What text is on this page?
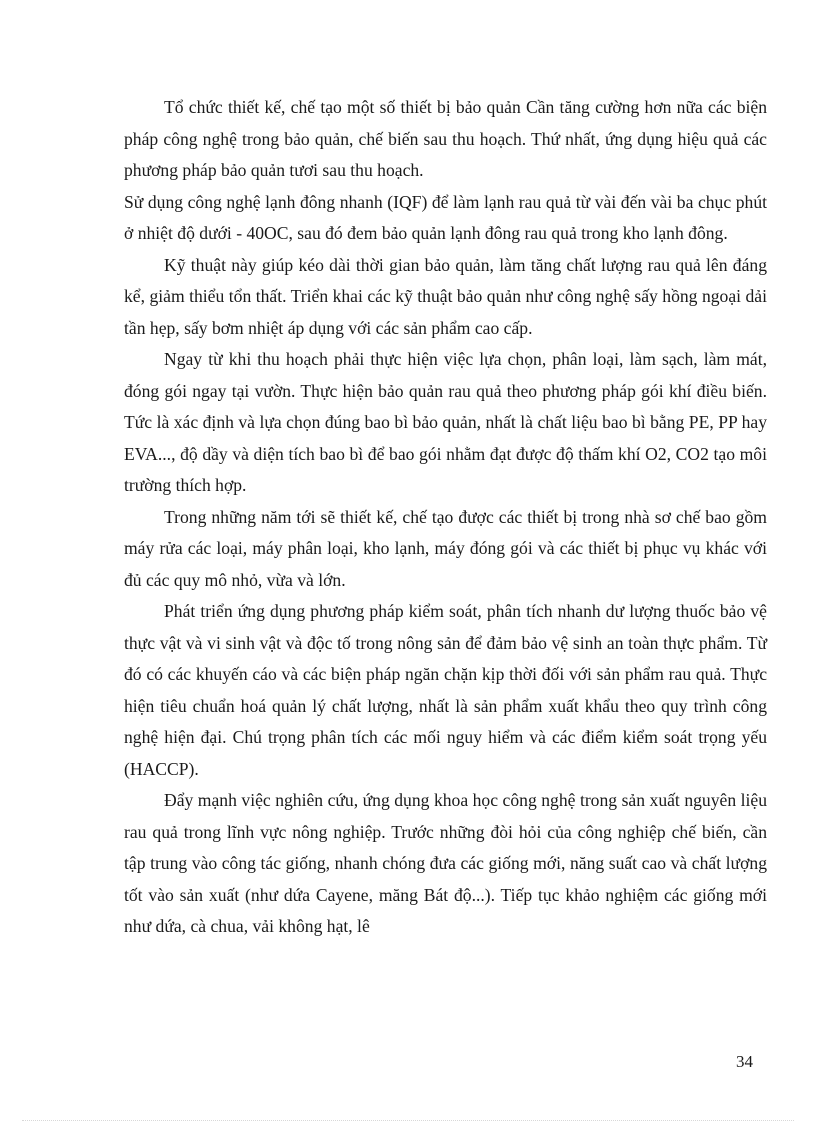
Tổ chức thiết kế, chế tạo một số thiết bị bảo quản Cần tăng cường hơn nữa các biện pháp công nghệ trong bảo quản, chế biến sau thu hoạch. Thứ nhất, ứng dụng hiệu quả các phương pháp bảo quản tươi sau thu hoạch.

Sử dụng công nghệ lạnh đông nhanh (IQF) để làm lạnh rau quả từ vài đến vài ba chục phút ở nhiệt độ dưới - 40OC, sau đó đem bảo quản lạnh đông rau quả trong kho lạnh đông.

Kỹ thuật này giúp kéo dài thời gian bảo quản, làm tăng chất lượng rau quả lên đáng kể, giảm thiểu tổn thất. Triển khai các kỹ thuật bảo quản như công nghệ sấy hồng ngoại dải tần hẹp, sấy bơm nhiệt áp dụng với các sản phẩm cao cấp.

Ngay từ khi thu hoạch phải thực hiện việc lựa chọn, phân loại, làm sạch, làm mát, đóng gói ngay tại vườn. Thực hiện bảo quản rau quả theo phương pháp gói khí điều biến. Tức là xác định và lựa chọn đúng bao bì bảo quản, nhất là chất liệu bao bì bằng PE, PP hay EVA..., độ dầy và diện tích bao bì để bao gói nhằm đạt được độ thấm khí O2, CO2 tạo môi trường thích hợp.

Trong những năm tới sẽ thiết kế, chế tạo được các thiết bị trong nhà sơ chế bao gồm máy rửa các loại, máy phân loại, kho lạnh, máy đóng gói và các thiết bị phục vụ khác với đủ các quy mô nhỏ, vừa và lớn.

Phát triển ứng dụng phương pháp kiểm soát, phân tích nhanh dư lượng thuốc bảo vệ thực vật và vi sinh vật và độc tố trong nông sản để đảm bảo vệ sinh an toàn thực phẩm. Từ đó có các khuyến cáo và các biện pháp ngăn chặn kịp thời đối với sản phẩm rau quả. Thực hiện tiêu chuẩn hoá quản lý chất lượng, nhất là sản phẩm xuất khẩu theo quy trình công nghệ hiện đại. Chú trọng phân tích các mối nguy hiểm và các điểm kiểm soát trọng yếu (HACCP).

Đẩy mạnh việc nghiên cứu, ứng dụng khoa học công nghệ trong sản xuất nguyên liệu rau quả trong lĩnh vực nông nghiệp. Trước những đòi hỏi của công nghiệp chế biến, cần tập trung vào công tác giống, nhanh chóng đưa các giống mới, năng suất cao và chất lượng tốt vào sản xuất (như dứa Cayene, măng Bát độ...). Tiếp tục khảo nghiệm các giống mới như dứa, cà chua, vải không hạt, lê

34
